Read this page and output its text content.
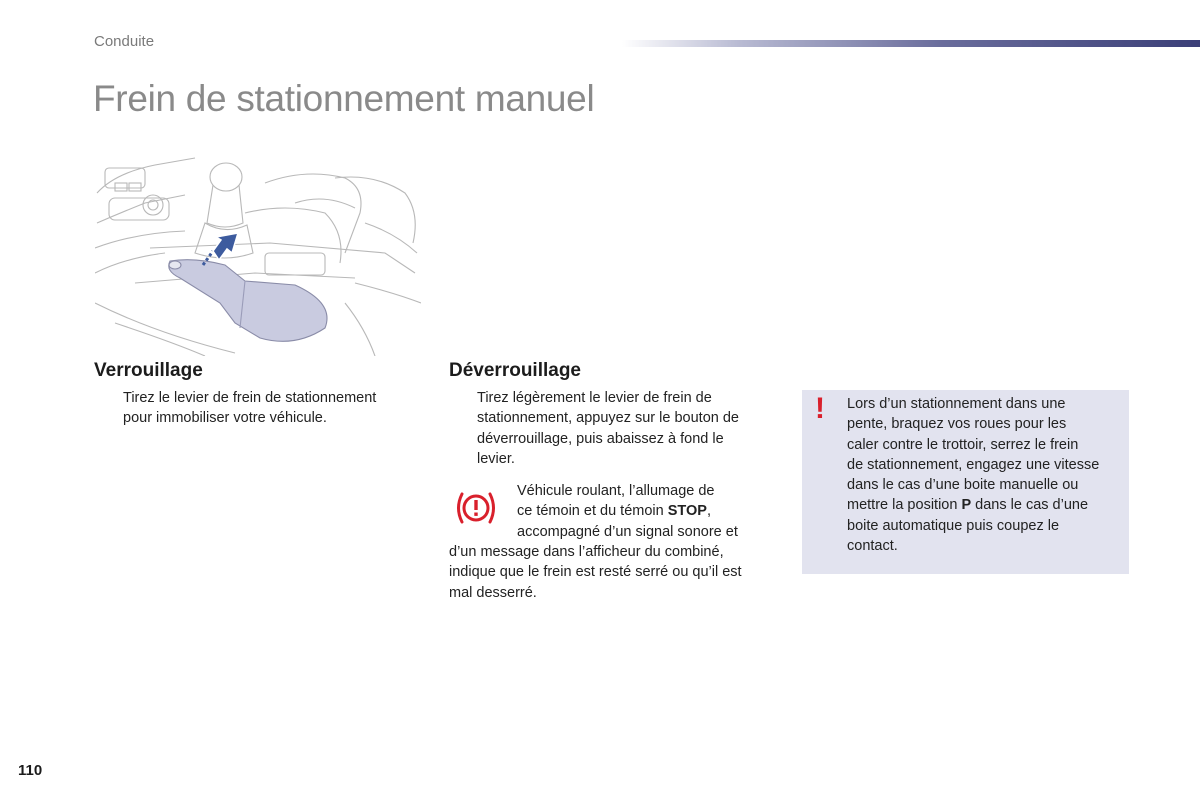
Conduite
Frein de stationnement manuel
Verrouillage
Tirez le levier de frein de stationnement
pour immobiliser votre véhicule.
Déverrouillage
Tirez légèrement le levier de frein de
stationnement, appuyez sur le bouton de
déverrouillage, puis abaissez à fond le
levier.
Véhicule roulant, l’allumage de
ce témoin et du témoin STOP,
accompagné d’un signal sonore et
d’un message dans l’afficheur du combiné,
indique que le frein est resté serré ou qu’il est
mal desserré.
! Lors d’un stationnement dans une
pente, braquez vos roues pour les
caler contre le trottoir, serrez le frein
de stationnement, engagez une vitesse
dans le cas d’une boite manuelle ou
mettre la position P dans le cas d’une
boite automatique puis coupez le
contact.
110
